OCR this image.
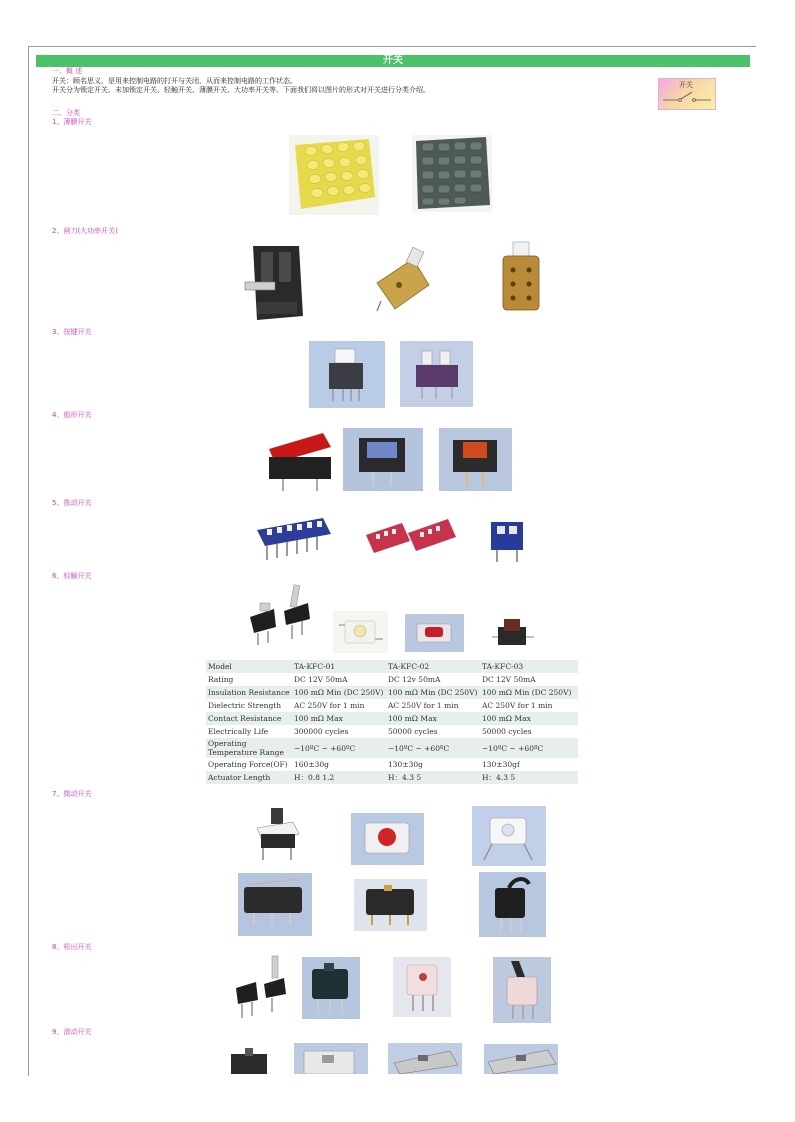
开关
一、概 述
开关：顾名思义，是用来控制电路的打开与关闭，从而来控制电路的工作状态。
开关分为锁定开关、未加锁定开关、轻触开关、薄膜开关、大功率开关等。下面我们将以图片的形式对开关进行分类介绍。
开关
二、分类
1、薄膜开关
2、闸刀(大功率开关)
3、按键开关
4、船形开关
5、拨动开关
6、轻触开关
7、微动开关
8、检出开关
9、滑动开关
Model	TA-KFC-01	TA-KFC-02	TA-KFC-03
Rating	DC 12V 50mA	DC 12v 50mA	DC 12V 50mA
Insulation Resistance	100 mΩ Min (DC 250V)	100 mΩ Min (DC 250V)	100 mΩ Min (DC 250V)
Dielectric Strength	AC 250V for 1 min	AC 250V for 1 min	AC 250V for 1 min
Contact Resistance	100 mΩ Max	100 mΩ Max	100 mΩ Max
Electrically Life	300000 cycles	50000 cycles	50000 cycles
Operating Temperature Range	−10ºC ~ +60ºC	−10ºC ~ +60ºC	−10ºC ~ +60ºC
Operating Force(OF)	160±30g	130±30g	130±30gf
Actuator Length	H：0.8 1.2	H：4.3 5	H：4.3 5
